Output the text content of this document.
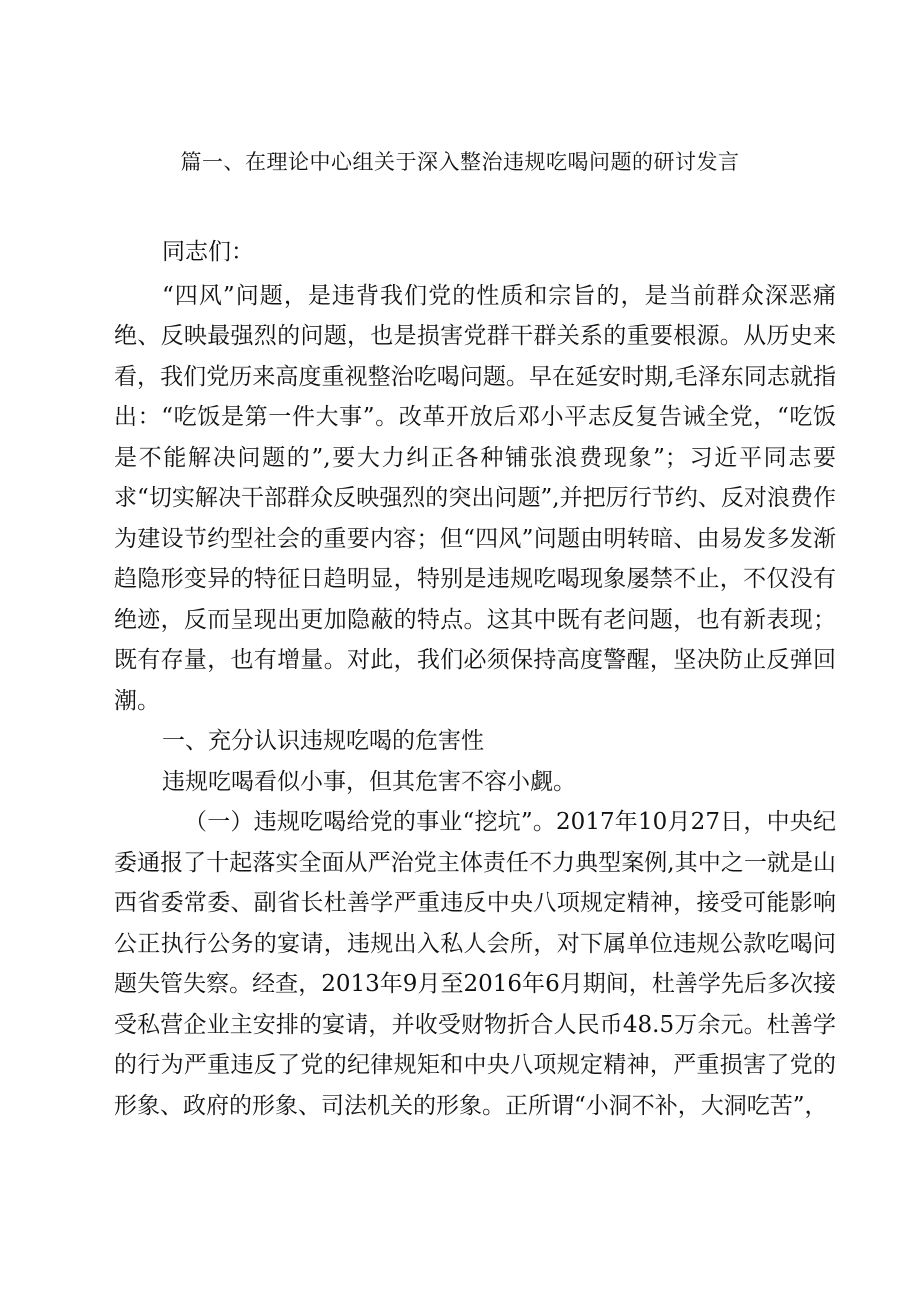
篇一、在理论中心组关于深入整治违规吃喝问题的研讨发言

同志们：

“四风”问题，是违背我们党的性质和宗旨的，是当前群众深恶痛绝、反映最强烈的问题，也是损害党群干群关系的重要根源。从历史来看，我们党历来高度重视整治吃喝问题。早在延安时期,毛泽东同志就指出：“吃饭是第一件大事”。改革开放后邓小平志反复告诫全党，“吃饭是不能解决问题的”,要大力纠正各种铺张浪费现象”；习近平同志要求“切实解决干部群众反映强烈的突出问题”,并把厉行节约、反对浪费作为建设节约型社会的重要内容；但“四风”问题由明转暗、由易发多发渐趋隐形变异的特征日趋明显，特别是违规吃喝现象屡禁不止，不仅没有绝迹，反而呈现出更加隐蔽的特点。这其中既有老问题，也有新表现；既有存量，也有增量。对此，我们必须保持高度警醒，坚决防止反弹回潮。

一、充分认识违规吃喝的危害性

违规吃喝看似小事，但其危害不容小觑。

（一）违规吃喝给党的事业“挖坑”。2017年10月27日，中央纪委通报了十起落实全面从严治党主体责任不力典型案例,其中之一就是山西省委常委、副省长杜善学严重违反中央八项规定精神，接受可能影响公正执行公务的宴请，违规出入私人会所，对下属单位违规公款吃喝问题失管失察。经查，2013年9月至2016年6月期间，杜善学先后多次接受私营企业主安排的宴请，并收受财物折合人民币48.5万余元。杜善学的行为严重违反了党的纪律规矩和中央八项规定精神，严重损害了党的形象、政府的形象、司法机关的形象。正所谓“小洞不补，大洞吃苦”，
